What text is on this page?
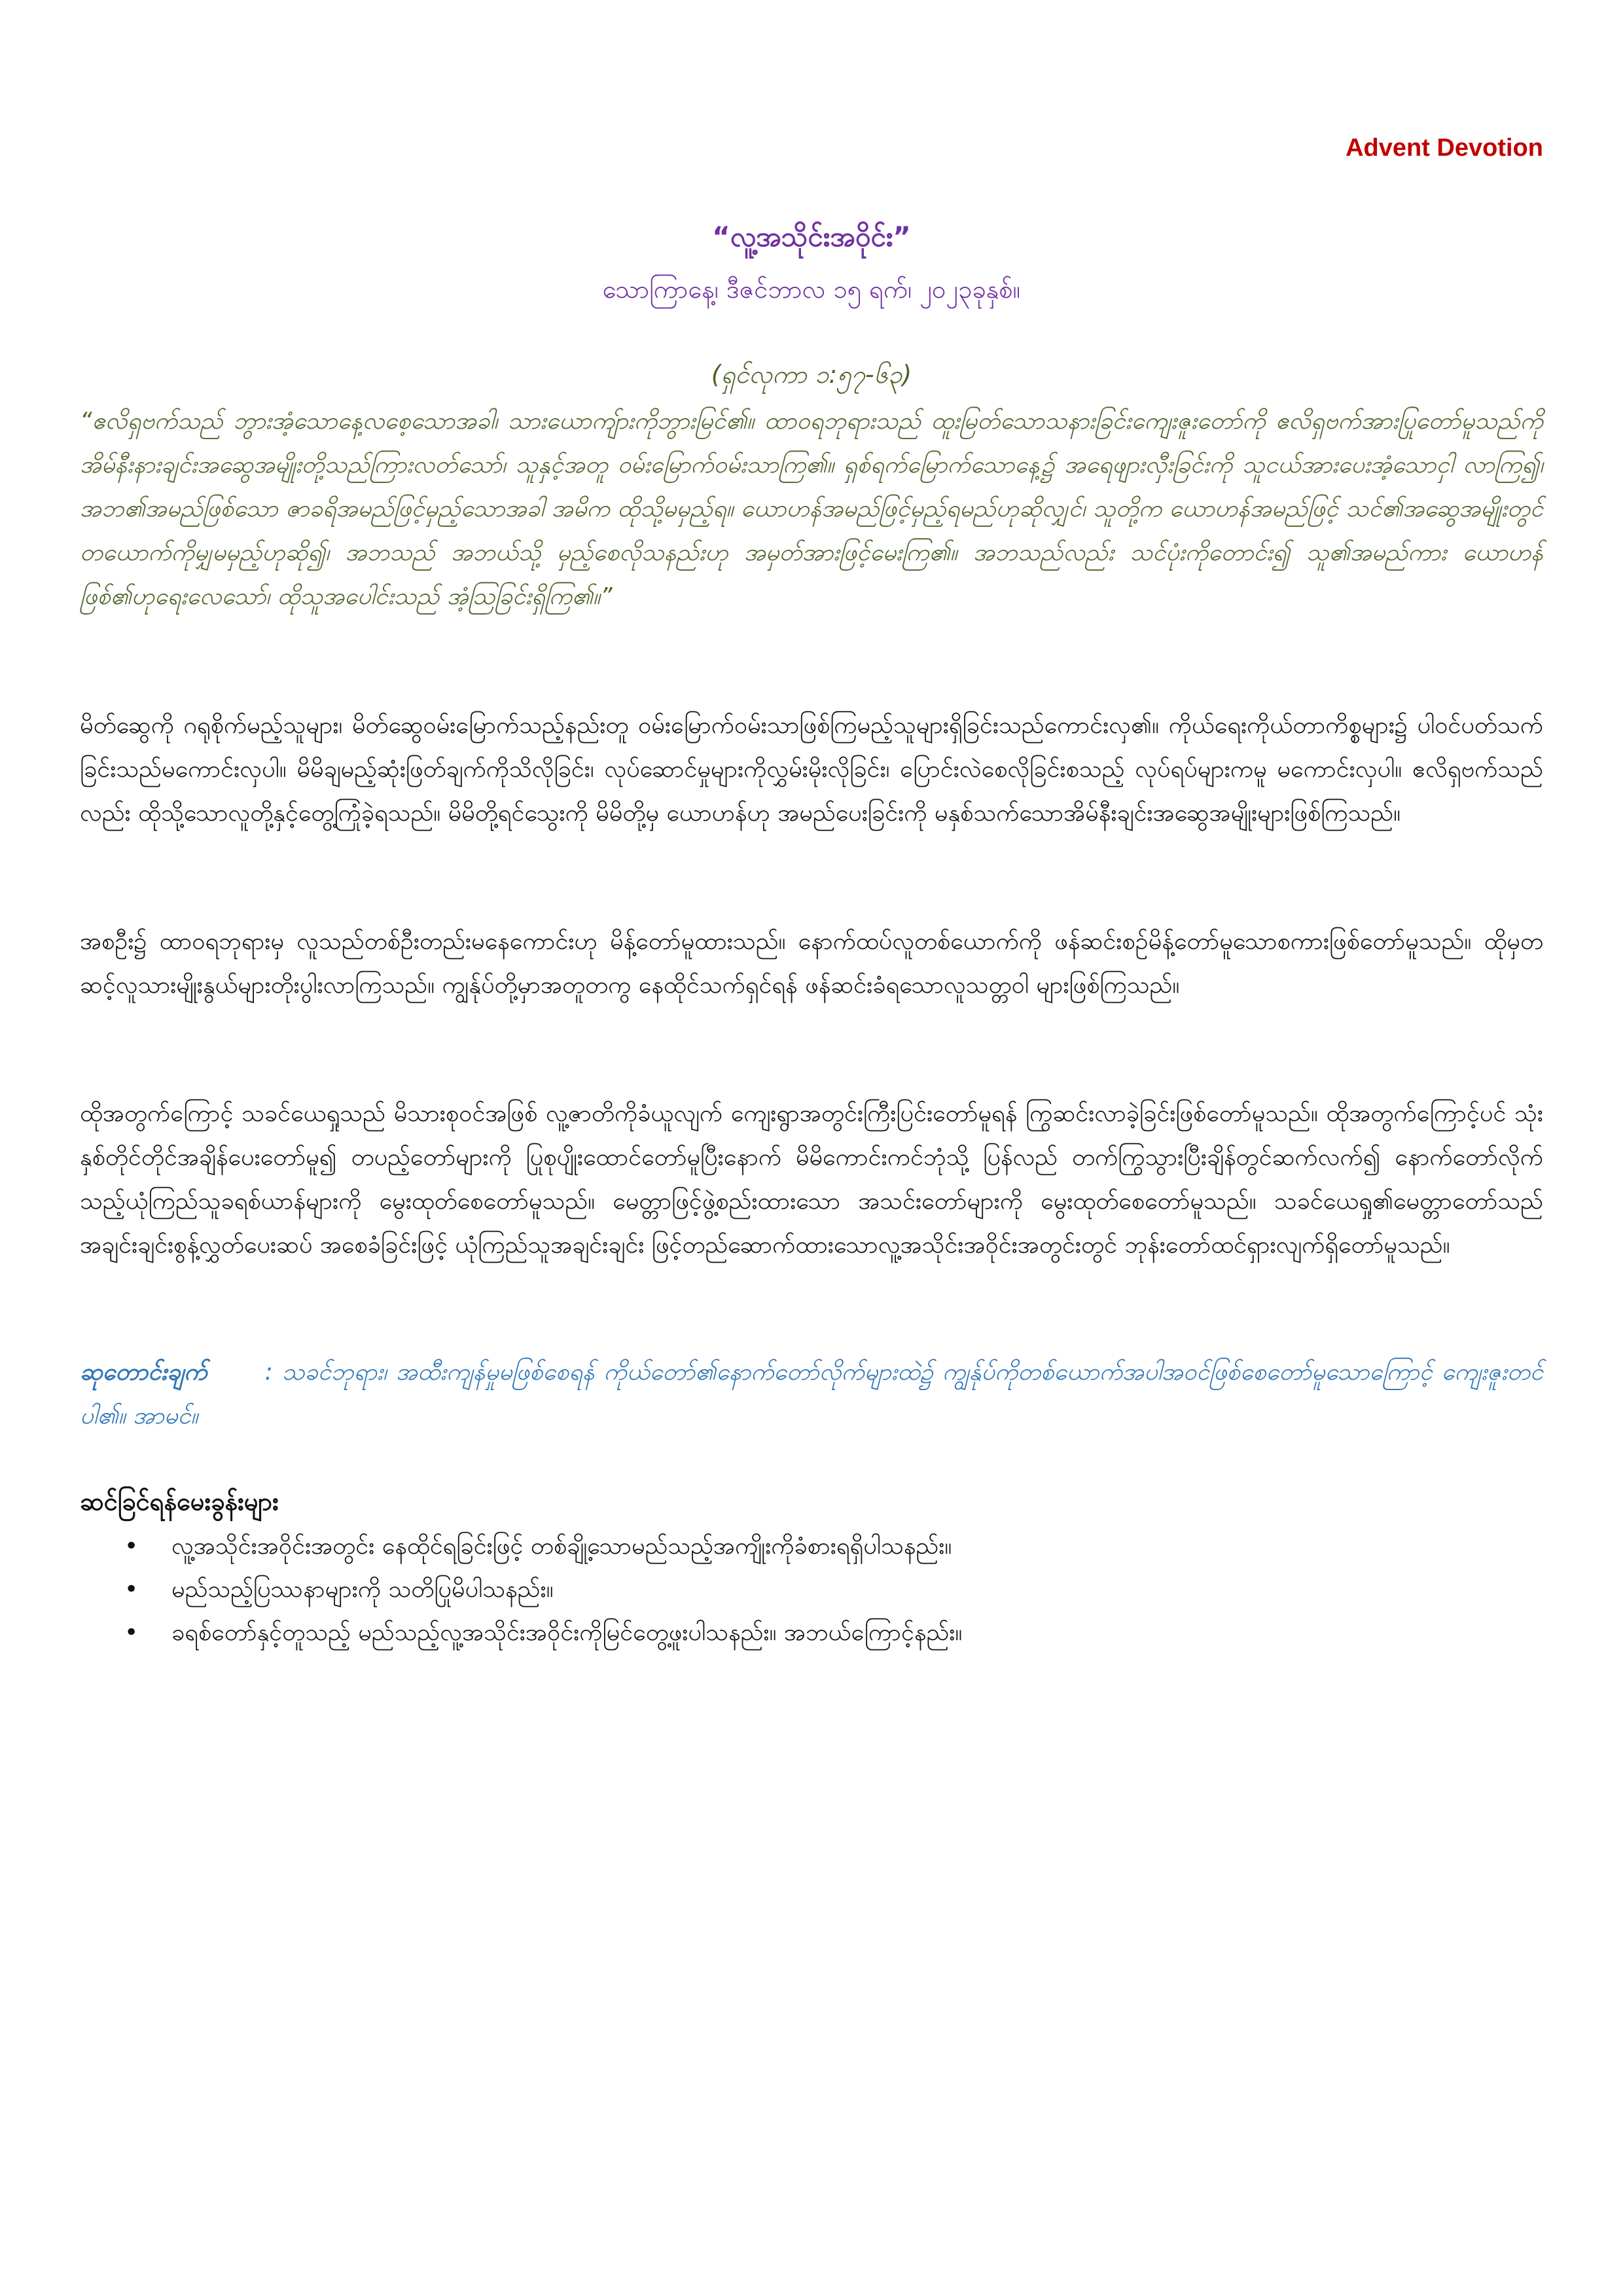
Advent Devotion
“လူ့အသိုင်းအဝိုင်း”
သောကြာနေ့၊ ဒီဇင်ဘာလ ၁၅ ရက်၊ ၂၀၂၃ခုနှစ်။
(ရှင်လုကာ ၁:၅၇-၆၃)

“ဧလိရှဗက်သည် ဘွားအံ့သောနေ့လစေ့သောအခါ၊ သားယောကျ်ားကိုဘွားမြင်၏။ ထာဝရဘုရားသည် ထူးမြတ်သောသနားခြင်းကျေးဇူးတော်ကို ဧလိရှဗက်အားပြုတော်မူသည်ကို အိမ်နီးနားချင်းအဆွေအမျိုးတို့သည်ကြားလတ်သော်၊ သူနှင့်အတူ ဝမ်းမြောက်ဝမ်းသာကြ၏။ ရှစ်ရက်မြောက်သောနေ့၌ အရေဖျားလှီးခြင်းကို သူငယ်အားပေးအံ့သောငှါ လာကြ၍၊ အဘ၏အမည်ဖြစ်သော ဇာခရိအမည်ဖြင့်မှည့်သောအခါ အမိက ထိုသို့မမှည့်ရ။ ယောဟန်အမည်ဖြင့်မှည့်ရမည်ဟုဆိုလျှင်၊ သူတို့က ယောဟန်အမည်ဖြင့် သင်၏အဆွေအမျိုးတွင် တယောက်ကိုမျှမမှည့်ဟုဆို၍၊ အဘသည် အဘယ်သို့ မှည့်စေလိုသနည်းဟု အမှတ်အားဖြင့်မေးကြ၏။ အဘသည်လည်း သင်ပုံးကိုတောင်း၍ သူ၏အမည်ကား ယောဟန်ဖြစ်၏ဟုရေးလေသော်၊ ထိုသူအပေါင်းသည် အံ့ဩခြင်းရှိကြ၏။”

မိတ်ဆွေကို ဂရုစိုက်မည့်သူများ၊ မိတ်ဆွေဝမ်းမြောက်သည့်နည်းတူ ဝမ်းမြောက်ဝမ်းသာဖြစ်ကြမည့်သူများရှိခြင်းသည်ကောင်းလှ၏။ ကိုယ်ရေးကိုယ်တာကိစ္စများ၌ ပါဝင်ပတ်သက်ခြင်းသည်မကောင်းလှပါ။ မိမိချမည့်ဆုံးဖြတ်ချက်ကိုသိလိုခြင်း၊ လုပ်ဆောင်မှုများကိုလွှမ်းမိုးလိုခြင်း၊ ပြောင်းလဲစေလိုခြင်းစသည့် လုပ်ရပ်များကမူ မကောင်းလှပါ။ ဧလိရှဗက်သည်လည်း ထိုသို့သောလူတို့နှင့်တွေ့ကြုံခဲ့ရသည်။ မိမိတို့ရင်သွေးကို မိမိတို့မှ ယောဟန်ဟု အမည်ပေးခြင်းကို မနှစ်သက်သောအိမ်နီးချင်းအဆွေအမျိုးများဖြစ်ကြသည်။

အစဦး၌ ထာဝရဘုရားမှ လူသည်တစ်ဦးတည်းမနေကောင်းဟု မိန့်တော်မူထားသည်။ နောက်ထပ်လူတစ်ယောက်ကို ဖန်ဆင်းစဉ်မိန့်တော်မူသောစကားဖြစ်တော်မူသည်။ ထိုမှတဆင့်လူသားမျိုးနွယ်များတိုးပွါးလာကြသည်။ ကျွန်ုပ်တို့မှာအတူတကွ နေထိုင်သက်ရှင်ရန် ဖန်ဆင်းခံရသောလူသတ္တဝါ များဖြစ်ကြသည်။

ထိုအတွက်ကြောင့် သခင်ယေရှုသည် မိသားစုဝင်အဖြစ် လူ့ဇာတိကိုခံယူလျက် ကျေးရွာအတွင်းကြီးပြင်းတော်မူရန် ကြွဆင်းလာခဲ့ခြင်းဖြစ်တော်မူသည်။ ထိုအတွက်ကြောင့်ပင် သုံးနှစ်တိုင်တိုင်အချိန်ပေးတော်မူ၍ တပည့်တော်များကို ပြုစုပျိုးထောင်တော်မူပြီးနောက် မိမိကောင်းကင်ဘုံသို့ ပြန်လည် တက်ကြွသွားပြီးချိန်တွင်ဆက်လက်၍ နောက်တော်လိုက်သည့်ယုံကြည်သူခရစ်ယာန်များကို မွေးထုတ်စေတော်မူသည်။ မေတ္တာဖြင့်ဖွဲ့စည်းထားသော အသင်းတော်များကို မွေးထုတ်စေတော်မူသည်။ သခင်ယေရှု၏မေတ္တာတော်သည် အချင်းချင်းစွန့်လွှတ်ပေးဆပ် အစေခံခြင်းဖြင့် ယုံကြည်သူအချင်းချင်း ဖြင့်တည်ဆောက်ထားသောလူ့အသိုင်းအဝိုင်းအတွင်းတွင် ဘုန်းတော်ထင်ရှားလျက်ရှိတော်မူသည်။

ဆုတောင်းချက် : သခင်ဘုရား၊ အထီးကျန်မှုမဖြစ်စေရန် ကိုယ်တော်၏နောက်တော်လိုက်များထဲ၌ ကျွန်ုပ်ကိုတစ်ယောက်အပါအဝင်ဖြစ်စေတော်မူသောကြောင့် ကျေးဇူးတင်ပါ၏။ အာမင်။

ဆင်ခြင်ရန်မေးခွန်းများ
• လူ့အသိုင်းအဝိုင်းအတွင်း နေထိုင်ရခြင်းဖြင့် တစ်ချို့သောမည်သည့်အကျိုးကိုခံစားရရှိပါသနည်း။
• မည်သည့်ပြဿနာများကို သတိပြုမိပါသနည်း။
• ခရစ်တော်နှင့်တူသည့် မည်သည့်လူ့အသိုင်းအဝိုင်းကိုမြင်တွေ့ဖူးပါသနည်း။ အဘယ်ကြောင့်နည်း။
